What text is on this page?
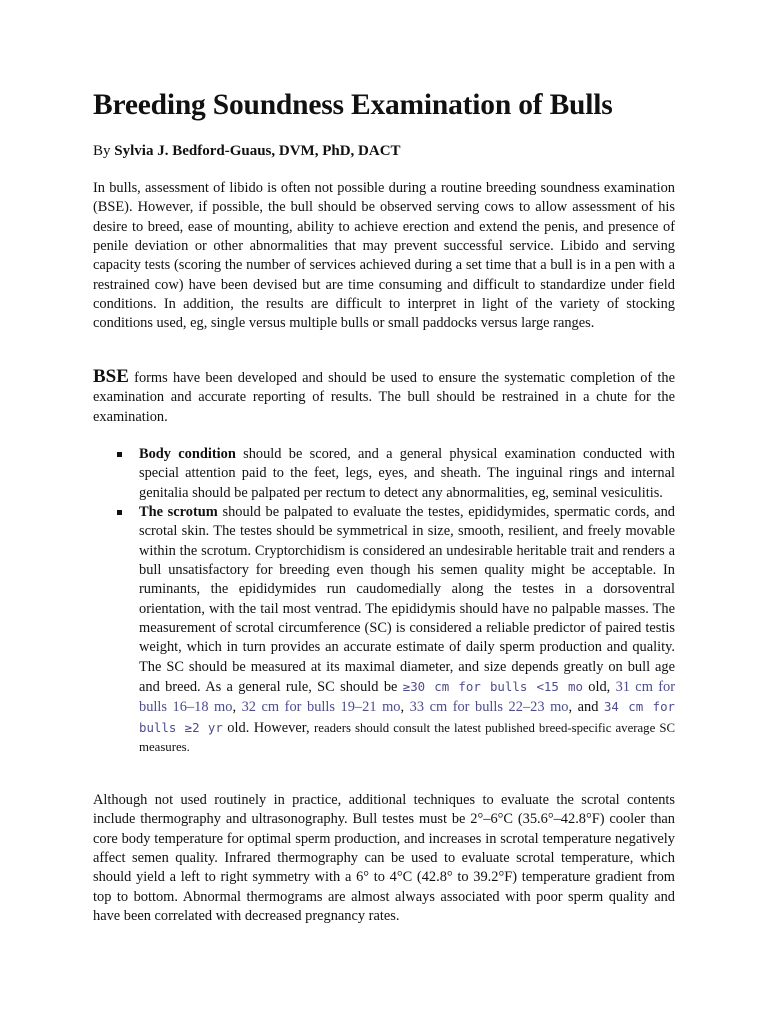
Breeding Soundness Examination of Bulls
By Sylvia J. Bedford-Guaus, DVM, PhD, DACT

In bulls, assessment of libido is often not possible during a routine breeding soundness examination (BSE). However, if possible, the bull should be observed serving cows to allow assessment of his desire to breed, ease of mounting, ability to achieve erection and extend the penis, and presence of penile deviation or other abnormalities that may prevent successful service. Libido and serving capacity tests (scoring the number of services achieved during a set time that a bull is in a pen with a restrained cow) have been devised but are time consuming and difficult to standardize under field conditions. In addition, the results are difficult to interpret in light of the variety of stocking conditions used, eg, single versus multiple bulls or small paddocks versus large ranges.

BSE forms have been developed and should be used to ensure the systematic completion of the examination and accurate reporting of results. The bull should be restrained in a chute for the examination.

Body condition should be scored, and a general physical examination conducted with special attention paid to the feet, legs, eyes, and sheath. The inguinal rings and internal genitalia should be palpated per rectum to detect any abnormalities, eg, seminal vesiculitis.
The scrotum should be palpated to evaluate the testes, epididymides, spermatic cords, and scrotal skin. The testes should be symmetrical in size, smooth, resilient, and freely movable within the scrotum. Cryptorchidism is considered an undesirable heritable trait and renders a bull unsatisfactory for breeding even though his semen quality might be acceptable. In ruminants, the epididymides run caudomedially along the testes in a dorsoventral orientation, with the tail most ventrad. The epididymis should have no palpable masses. The measurement of scrotal circumference (SC) is considered a reliable predictor of paired testis weight, which in turn provides an accurate estimate of daily sperm production and quality. The SC should be measured at its maximal diameter, and size depends greatly on bull age and breed. As a general rule, SC should be ≥30 cm for bulls <15 mo old, 31 cm for bulls 16–18 mo, 32 cm for bulls 19–21 mo, 33 cm for bulls 22–23 mo, and 34 cm for bulls ≥2 yr old. However, readers should consult the latest published breed-specific average SC measures.

Although not used routinely in practice, additional techniques to evaluate the scrotal contents include thermography and ultrasonography. Bull testes must be 2°–6°C (35.6°–42.8°F) cooler than core body temperature for optimal sperm production, and increases in scrotal temperature negatively affect semen quality. Infrared thermography can be used to evaluate scrotal temperature, which should yield a left to right symmetry with a 6° to 4°C (42.8° to 39.2°F) temperature gradient from top to bottom. Abnormal thermograms are almost always associated with poor sperm quality and have been correlated with decreased pregnancy rates.
